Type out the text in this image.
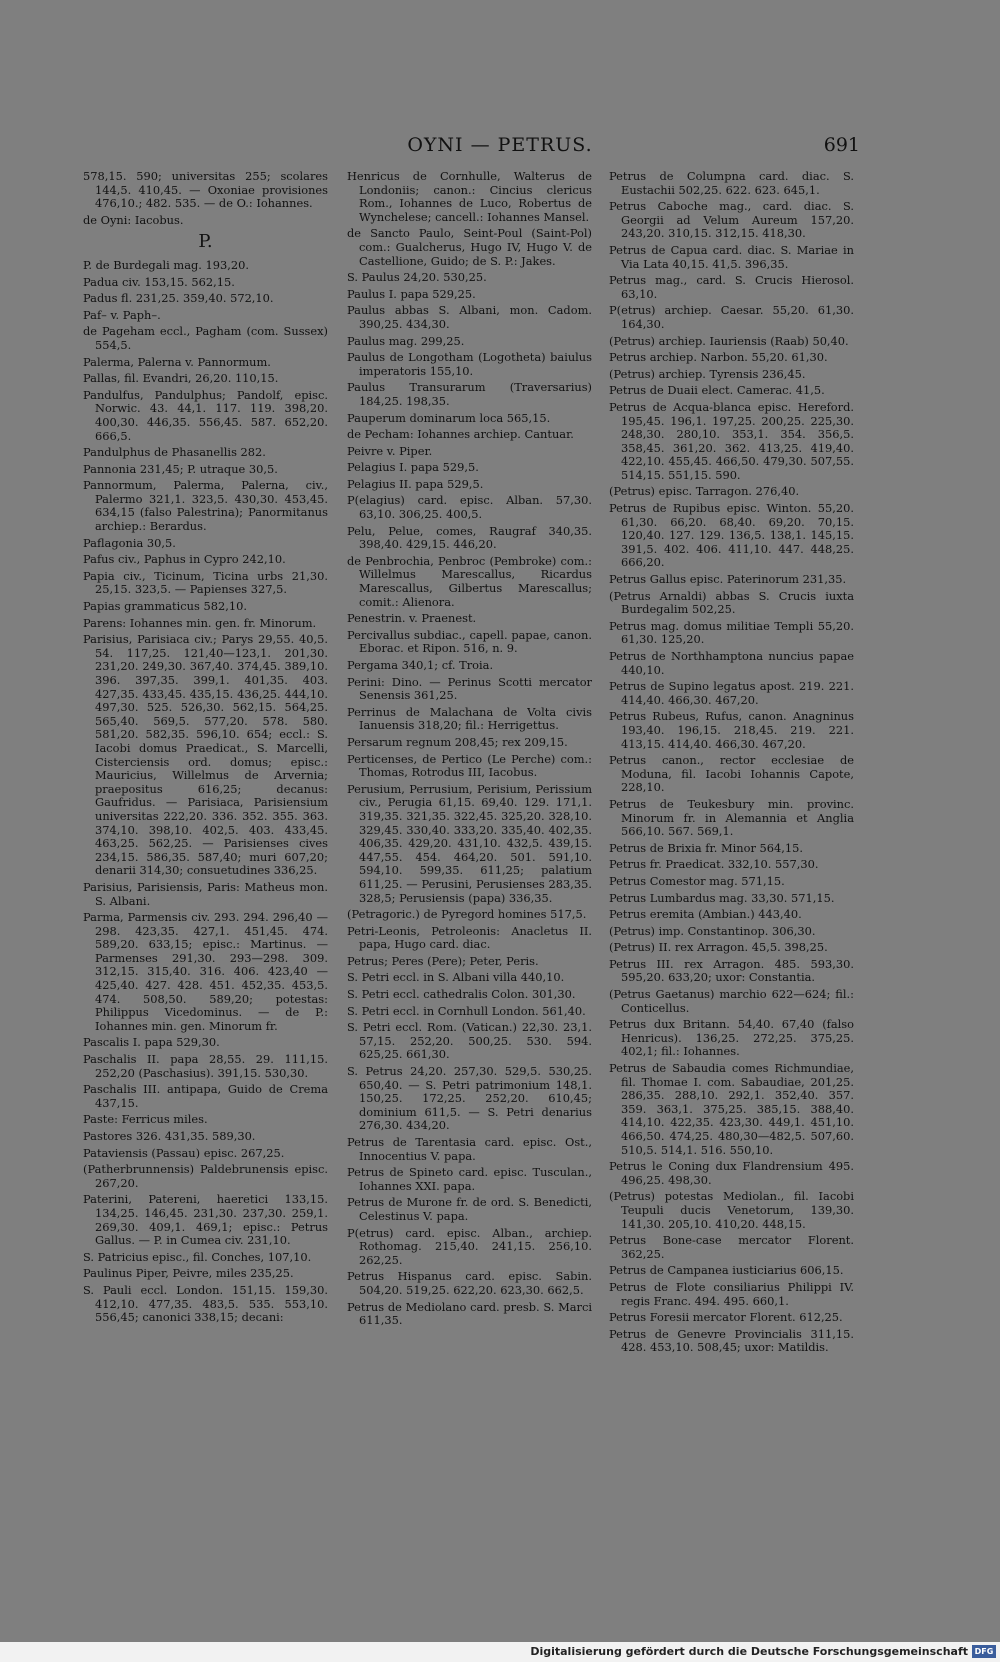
OYNI — PETRUS.	691

578,15. 590; universitas 255; scolares 144,5. 410,45. — Oxoniae provisiones 476,10.; 482. 535. — de O.: Iohannes.

de Oyni: Iacobus.

P.

P. de Burdegali mag. 193,20.

Padua civ. 153,15. 562,15.

Padus fl. 231,25. 359,40. 572,10.

Paf– v. Paph–.

de Pageham eccl., Pagham (com. Sussex) 554,5.

Palerma, Palerna v. Pannormum.

Pallas, fil. Evandri, 26,20. 110,15.

Pandulfus, Pandulphus; Pandolf, episc. Norwic. 43. 44,1. 117. 119. 398,20. 400,30. 446,35. 556,45. 587. 652,20. 666,5.

Pandulphus de Phasanellis 282.

Pannonia 231,45; P. utraque 30,5.

Pannormum, Palerma, Palerna, civ., Palermo 321,1. 323,5. 430,30. 453,45. 634,15 (falso Palestrina); Panormitanus archiep.: Berardus.

Paflagonia 30,5.

Pafus civ., Paphus in Cypro 242,10.

Papia civ., Ticinum, Ticina urbs 21,30. 25,15. 323,5. — Papienses 327,5.

Papias grammaticus 582,10.

Parens: Iohannes min. gen. fr. Minorum.

Parisius, Parisiaca civ.; Parys 29,55. 40,5. 54. 117,25. 121,40—123,1. 201,30. 231,20. 249,30. 367,40. 374,45. 389,10. 396. 397,35. 399,1. 401,35. 403. 427,35. 433,45. 435,15. 436,25. 444,10. 497,30. 525. 526,30. 562,15. 564,25. 565,40. 569,5. 577,20. 578. 580. 581,20. 582,35. 596,10. 654; eccl.: S. Iacobi domus Praedicat., S. Marcelli, Cisterciensis ord. domus; episc.: Mauricius, Willelmus de Arvernia; praepositus 616,25; decanus: Gaufridus. — Parisiaca, Parisiensium universitas 222,20. 336. 352. 355. 363. 374,10. 398,10. 402,5. 403. 433,45. 463,25. 562,25. — Parisienses cives 234,15. 586,35. 587,40; muri 607,20; denarii 314,30; consuetudines 336,25.

Parisius, Parisiensis, Paris: Matheus mon. S. Albani.

Parma, Parmensis civ. 293. 294. 296,40 — 298. 423,35. 427,1. 451,45. 474. 589,20. 633,15; episc.: Martinus. — Parmenses 291,30. 293—298. 309. 312,15. 315,40. 316. 406. 423,40 — 425,40. 427. 428. 451. 452,35. 453,5. 474. 508,50. 589,20; potestas: Philippus Vicedominus. — de P.: Iohannes min. gen. Minorum fr.

Pascalis I. papa 529,30.

Paschalis II. papa 28,55. 29. 111,15. 252,20 (Paschasius). 391,15. 530,30.

Paschalis III. antipapa, Guido de Crema 437,15.

Paste: Ferricus miles.

Pastores 326. 431,35. 589,30.

Pataviensis (Passau) episc. 267,25.

(Patherbrunnensis) Paldebrunensis episc. 267,20.

Paterini, Patereni, haeretici 133,15. 134,25. 146,45. 231,30. 237,30. 259,1. 269,30. 409,1. 469,1; episc.: Petrus Gallus. — P. in Cumea civ. 231,10.

S. Patricius episc., fil. Conches, 107,10.

Paulinus Piper, Peivre, miles 235,25.

S. Pauli eccl. London. 151,15. 159,30. 412,10. 477,35. 483,5. 535. 553,10. 556,45; canonici 338,15; decani:

Henricus de Cornhulle, Walterus de Londoniis; canon.: Cincius clericus Rom., Iohannes de Luco, Robertus de Wynchelese; cancell.: Iohannes Mansel.

de Sancto Paulo, Seint-Poul (Saint-Pol) com.: Gualcherus, Hugo IV, Hugo V. de Castellione, Guido; de S. P.: Jakes.

S. Paulus 24,20. 530,25.

Paulus I. papa 529,25.

Paulus abbas S. Albani, mon. Cadom. 390,25. 434,30.

Paulus mag. 299,25.

Paulus de Longotham (Logotheta) baiulus imperatoris 155,10.

Paulus Transurarum (Traversarius) 184,25. 198,35.

Pauperum dominarum loca 565,15.

de Pecham: Iohannes archiep. Cantuar.

Peivre v. Piper.

Pelagius I. papa 529,5.

Pelagius II. papa 529,5.

P(elagius) card. episc. Alban. 57,30. 63,10. 306,25. 400,5.

Pelu, Pelue, comes, Raugraf 340,35. 398,40. 429,15. 446,20.

de Penbrochia, Penbroc (Pembroke) com.: Willelmus Marescallus, Ricardus Marescallus, Gilbertus Marescallus; comit.: Alienora.

Penestrin. v. Praenest.

Percivallus subdiac., capell. papae, canon. Eborac. et Ripon. 516, n. 9.

Pergama 340,1; cf. Troia.

Perini: Dino. — Perinus Scotti mercator Senensis 361,25.

Perrinus de Malachana de Volta civis Ianuensis 318,20; fil.: Herrigettus.

Persarum regnum 208,45; rex 209,15.

Perticenses, de Pertico (Le Perche) com.: Thomas, Rotrodus III, Iacobus.

Perusium, Perrusium, Perisium, Perissium civ., Perugia 61,15. 69,40. 129. 171,1. 319,35. 321,35. 322,45. 325,20. 328,10. 329,45. 330,40. 333,20. 335,40. 402,35. 406,35. 429,20. 431,10. 432,5. 439,15. 447,55. 454. 464,20. 501. 591,10. 594,10. 599,35. 611,25; palatium 611,25. — Perusini, Perusienses 283,35. 328,5; Perusiensis (papa) 336,35.

(Petragoric.) de Pyregord homines 517,5.

Petri-Leonis, Petroleonis: Anacletus II. papa, Hugo card. diac.

Petrus; Peres (Pere); Peter, Peris.

S. Petri eccl. in S. Albani villa 440,10.

S. Petri eccl. cathedralis Colon. 301,30.

S. Petri eccl. in Cornhull London. 561,40.

S. Petri eccl. Rom. (Vatican.) 22,30. 23,1. 57,15. 252,20. 500,25. 530. 594. 625,25. 661,30.

S. Petrus 24,20. 257,30. 529,5. 530,25. 650,40. — S. Petri patrimonium 148,1. 150,25. 172,25. 252,20. 610,45; dominium 611,5. — S. Petri denarius 276,30. 434,20.

Petrus de Tarentasia card. episc. Ost., Innocentius V. papa.

Petrus de Spineto card. episc. Tusculan., Iohannes XXI. papa.

Petrus de Murone fr. de ord. S. Benedicti, Celestinus V. papa.

P(etrus) card. episc. Alban., archiep. Rothomag. 215,40. 241,15. 256,10. 262,25.

Petrus Hispanus card. episc. Sabin. 504,20. 519,25. 622,20. 623,30. 662,5.

Petrus de Mediolano card. presb. S. Marci 611,35.

Petrus de Columpna card. diac. S. Eustachii 502,25. 622. 623. 645,1.

Petrus Caboche mag., card. diac. S. Georgii ad Velum Aureum 157,20. 243,20. 310,15. 312,15. 418,30.

Petrus de Capua card. diac. S. Mariae in Via Lata 40,15. 41,5. 396,35.

Petrus mag., card. S. Crucis Hierosol. 63,10.

P(etrus) archiep. Caesar. 55,20. 61,30. 164,30.

(Petrus) archiep. Iauriensis (Raab) 50,40.

Petrus archiep. Narbon. 55,20. 61,30.

(Petrus) archiep. Tyrensis 236,45.

Petrus de Duaii elect. Camerac. 41,5.

Petrus de Acqua-blanca episc. Hereford. 195,45. 196,1. 197,25. 200,25. 225,30. 248,30. 280,10. 353,1. 354. 356,5. 358,45. 361,20. 362. 413,25. 419,40. 422,10. 455,45. 466,50. 479,30. 507,55. 514,15. 551,15. 590.

(Petrus) episc. Tarragon. 276,40.

Petrus de Rupibus episc. Winton. 55,20. 61,30. 66,20. 68,40. 69,20. 70,15. 120,40. 127. 129. 136,5. 138,1. 145,15. 391,5. 402. 406. 411,10. 447. 448,25. 666,20.

Petrus Gallus episc. Paterinorum 231,35.

(Petrus Arnaldi) abbas S. Crucis iuxta Burdegalim 502,25.

Petrus mag. domus militiae Templi 55,20. 61,30. 125,20.

Petrus de Northhamptona nuncius papae 440,10.

Petrus de Supino legatus apost. 219. 221. 414,40. 466,30. 467,20.

Petrus Rubeus, Rufus, canon. Anagninus 193,40. 196,15. 218,45. 219. 221. 413,15. 414,40. 466,30. 467,20.

Petrus canon., rector ecclesiae de Moduna, fil. Iacobi Iohannis Capote, 228,10.

Petrus de Teukesbury min. provinc. Minorum fr. in Alemannia et Anglia 566,10. 567. 569,1.

Petrus de Brixia fr. Minor 564,15.

Petrus fr. Praedicat. 332,10. 557,30.

Petrus Comestor mag. 571,15.

Petrus Lumbardus mag. 33,30. 571,15.

Petrus eremita (Ambian.) 443,40.

(Petrus) imp. Constantinop. 306,30.

(Petrus) II. rex Arragon. 45,5. 398,25.

Petrus III. rex Arragon. 485. 593,30. 595,20. 633,20; uxor: Constantia.

(Petrus Gaetanus) marchio 622—624; fil.: Conticellus.

Petrus dux Britann. 54,40. 67,40 (falso Henricus). 136,25. 272,25. 375,25. 402,1; fil.: Iohannes.

Petrus de Sabaudia comes Richmundiae, fil. Thomae I. com. Sabaudiae, 201,25. 286,35. 288,10. 292,1. 352,40. 357. 359. 363,1. 375,25. 385,15. 388,40. 414,10. 422,35. 423,30. 449,1. 451,10. 466,50. 474,25. 480,30—482,5. 507,60. 510,5. 514,1. 516. 550,10.

Petrus le Coning dux Flandrensium 495. 496,25. 498,30.

(Petrus) potestas Mediolan., fil. Iacobi Teupuli ducis Venetorum, 139,30. 141,30. 205,10. 410,20. 448,15.

Petrus Bone-case mercator Florent. 362,25.

Petrus de Campanea iusticiarius 606,15.

Petrus de Flote consiliarius Philippi IV. regis Franc. 494. 495. 660,1.

Petrus Foresii mercator Florent. 612,25.

Petrus de Genevre Provincialis 311,15. 428. 453,10. 508,45; uxor: Matildis.

Digitalisierung gefördert durch die Deutsche Forschungsgemeinschaft DFG
